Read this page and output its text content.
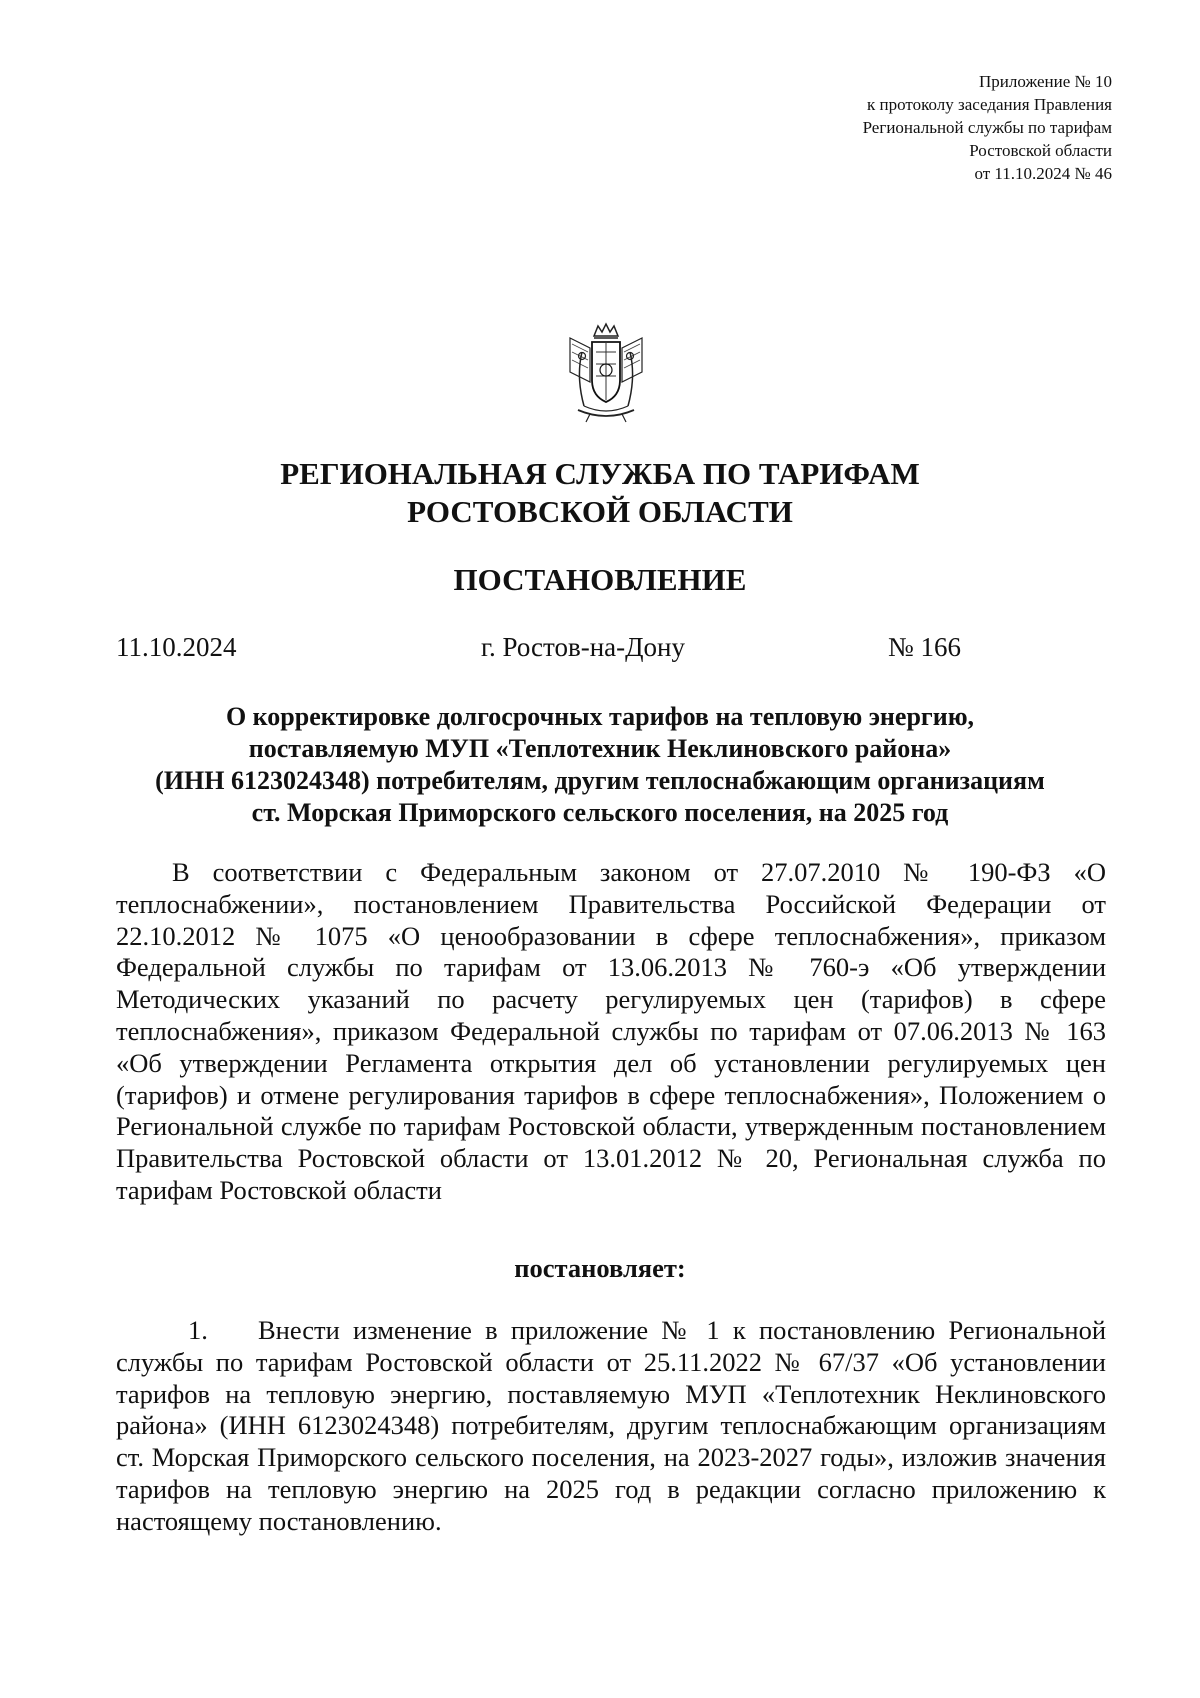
Приложение № 10
к протоколу заседания Правления
Региональной службы по тарифам
Ростовской области
от 11.10.2024 № 46
РЕГИОНАЛЬНАЯ СЛУЖБА ПО ТАРИФАМ
РОСТОВСКОЙ ОБЛАСТИ
ПОСТАНОВЛЕНИЕ
11.10.2024	г. Ростов-на-Дону	№ 166
О корректировке долгосрочных тарифов на тепловую энергию,
поставляемую МУП «Теплотехник Неклиновского района»
(ИНН 6123024348) потребителям, другим теплоснабжающим организациям
ст. Морская Приморского сельского поселения, на 2025 год

В соответствии с Федеральным законом от 27.07.2010 № 190-ФЗ «О теплоснабжении», постановлением Правительства Российской Федерации от 22.10.2012 № 1075 «О ценообразовании в сфере теплоснабжения», приказом Федеральной службы по тарифам от 13.06.2013 № 760-э «Об утверждении Методических указаний по расчету регулируемых цен (тарифов) в сфере теплоснабжения», приказом Федеральной службы по тарифам от 07.06.2013 № 163 «Об утверждении Регламента открытия дел об установлении регулируемых цен (тарифов) и отмене регулирования тарифов в сфере теплоснабжения», Положением о Региональной службе по тарифам Ростовской области, утвержденным постановлением Правительства Ростовской области от 13.01.2012 № 20, Региональная служба по тарифам Ростовской области

постановляет:

1. Внести изменение в приложение № 1 к постановлению Региональной службы по тарифам Ростовской области от 25.11.2022 № 67/37 «Об установлении тарифов на тепловую энергию, поставляемую МУП «Теплотехник Неклиновского района» (ИНН 6123024348) потребителям, другим теплоснабжающим организациям ст. Морская Приморского сельского поселения, на 2023-2027 годы», изложив значения тарифов на тепловую энергию на 2025 год в редакции согласно приложению к настоящему постановлению.
